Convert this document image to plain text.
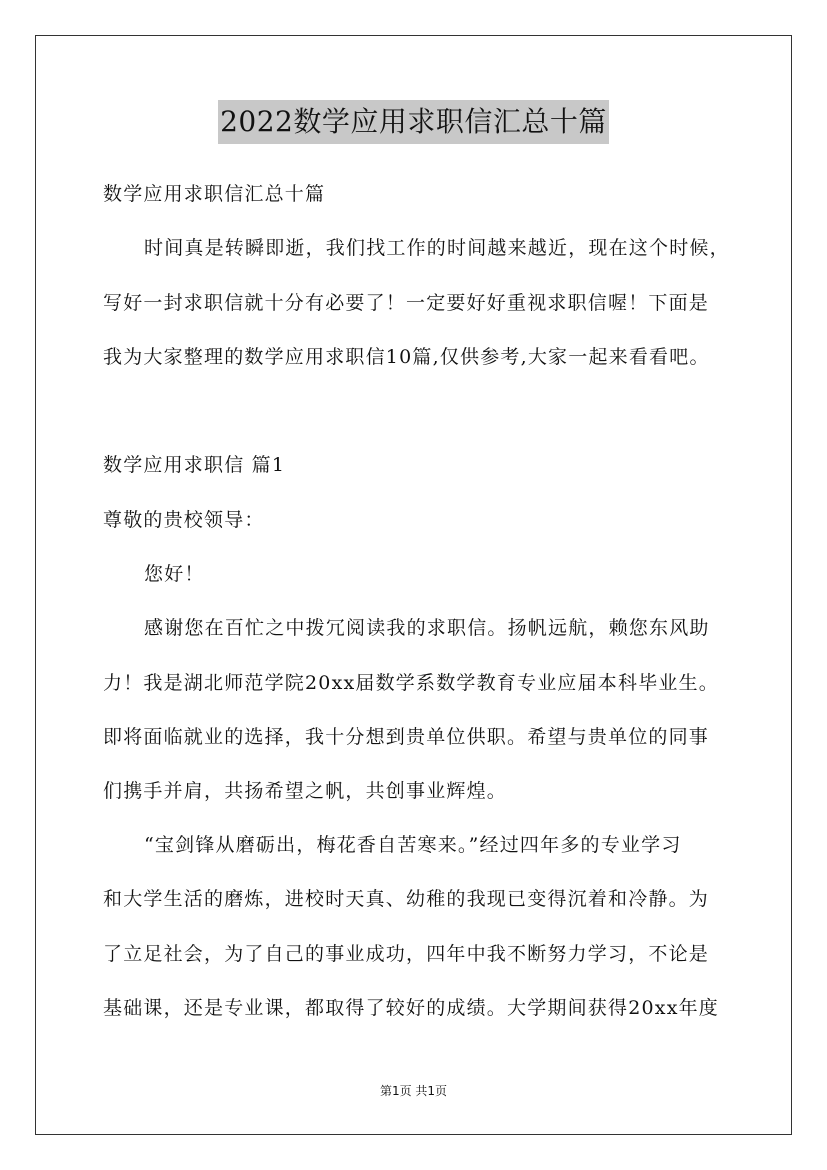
2022数学应用求职信汇总十篇
数学应用求职信汇总十篇
时间真是转瞬即逝，我们找工作的时间越来越近，现在这个时候，
写好一封求职信就十分有必要了！一定要好好重视求职信喔！下面是
我为大家整理的数学应用求职信10篇,仅供参考,大家一起来看看吧。
数学应用求职信 篇1
尊敬的贵校领导：
您好！
感谢您在百忙之中拨冗阅读我的求职信。扬帆远航，赖您东风助
力！我是湖北师范学院20xx届数学系数学教育专业应届本科毕业生。
即将面临就业的选择，我十分想到贵单位供职。希望与贵单位的同事
们携手并肩，共扬希望之帆，共创事业辉煌。
“宝剑锋从磨砺出，梅花香自苦寒来。”经过四年多的专业学习
和大学生活的磨炼，进校时天真、幼稚的我现已变得沉着和冷静。为
了立足社会，为了自己的事业成功，四年中我不断努力学习，不论是
基础课，还是专业课，都取得了较好的成绩。大学期间获得20xx年度
第1页 共1页
